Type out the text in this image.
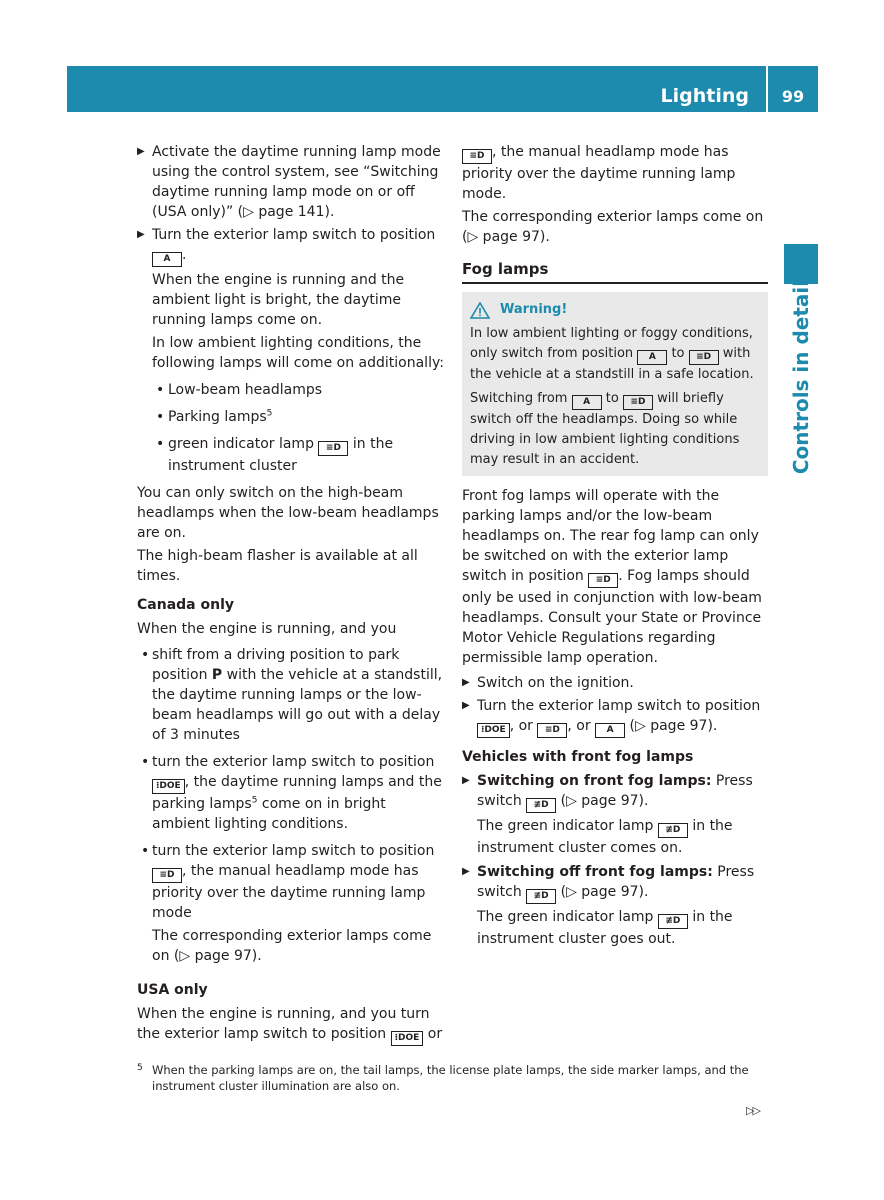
Lighting	99
Controls in detail
▶ Activate the daytime running lamp mode using the control system, see “Switching daytime running lamp mode on or off (USA only)” (▷ page 141).
▶ Turn the exterior lamp switch to position A .
When the engine is running and the ambient light is bright, the daytime running lamps come on.
In low ambient lighting conditions, the following lamps will come on additionally:
• Low-beam headlamps
• Parking lamps$^5$
• green indicator lamp ≡D in the instrument cluster

You can only switch on the high-beam headlamps when the low-beam headlamps are on.

The high-beam flasher is available at all times.

Canada only

When the engine is running, and you

• shift from a driving position to park position P with the vehicle at a standstill, the daytime running lamps or the low-beam headlamps will go out with a delay of 3 minutes
• turn the exterior lamp switch to position ⁝DOE , the daytime running lamps and the parking lamps$^5$ come on in bright ambient lighting conditions.
• turn the exterior lamp switch to position ≡D , the manual headlamp mode has priority over the daytime running lamp mode
The corresponding exterior lamps come on (▷ page 97).
USA only

When the engine is running, and you turn the exterior lamp switch to position ⁝DOE or

≡D , the manual headlamp mode has priority over the daytime running lamp mode.

The corresponding exterior lamps come on (▷ page 97).

Fog lamps
Warning!
In low ambient lighting or foggy conditions, only switch from position A to ≡D with the vehicle at a standstill in a safe location.
Switching from A to ≡D will briefly switch off the headlamps. Doing so while driving in low ambient lighting conditions may result in an accident.

Front fog lamps will operate with the parking lamps and/or the low-beam headlamps on. The rear fog lamp can only be switched on with the exterior lamp switch in position ≡D . Fog lamps should only be used in conjunction with low-beam headlamps. Consult your State or Province Motor Vehicle Regulations regarding permissible lamp operation.

▶ Switch on the ignition.
▶ Turn the exterior lamp switch to position ⁝DOE , or ≡D , or A (▷ page 97).
Vehicles with front fog lamps
▶ Switching on front fog lamps: Press switch ≢D (▷ page 97).
The green indicator lamp ≢D in the instrument cluster comes on.
▶ Switching off front fog lamps: Press switch ≢D (▷ page 97).
The green indicator lamp ≢D in the instrument cluster goes out.
5 When the parking lamps are on, the tail lamps, the license plate lamps, the side marker lamps, and the instrument cluster illumination are also on.
▷▷
